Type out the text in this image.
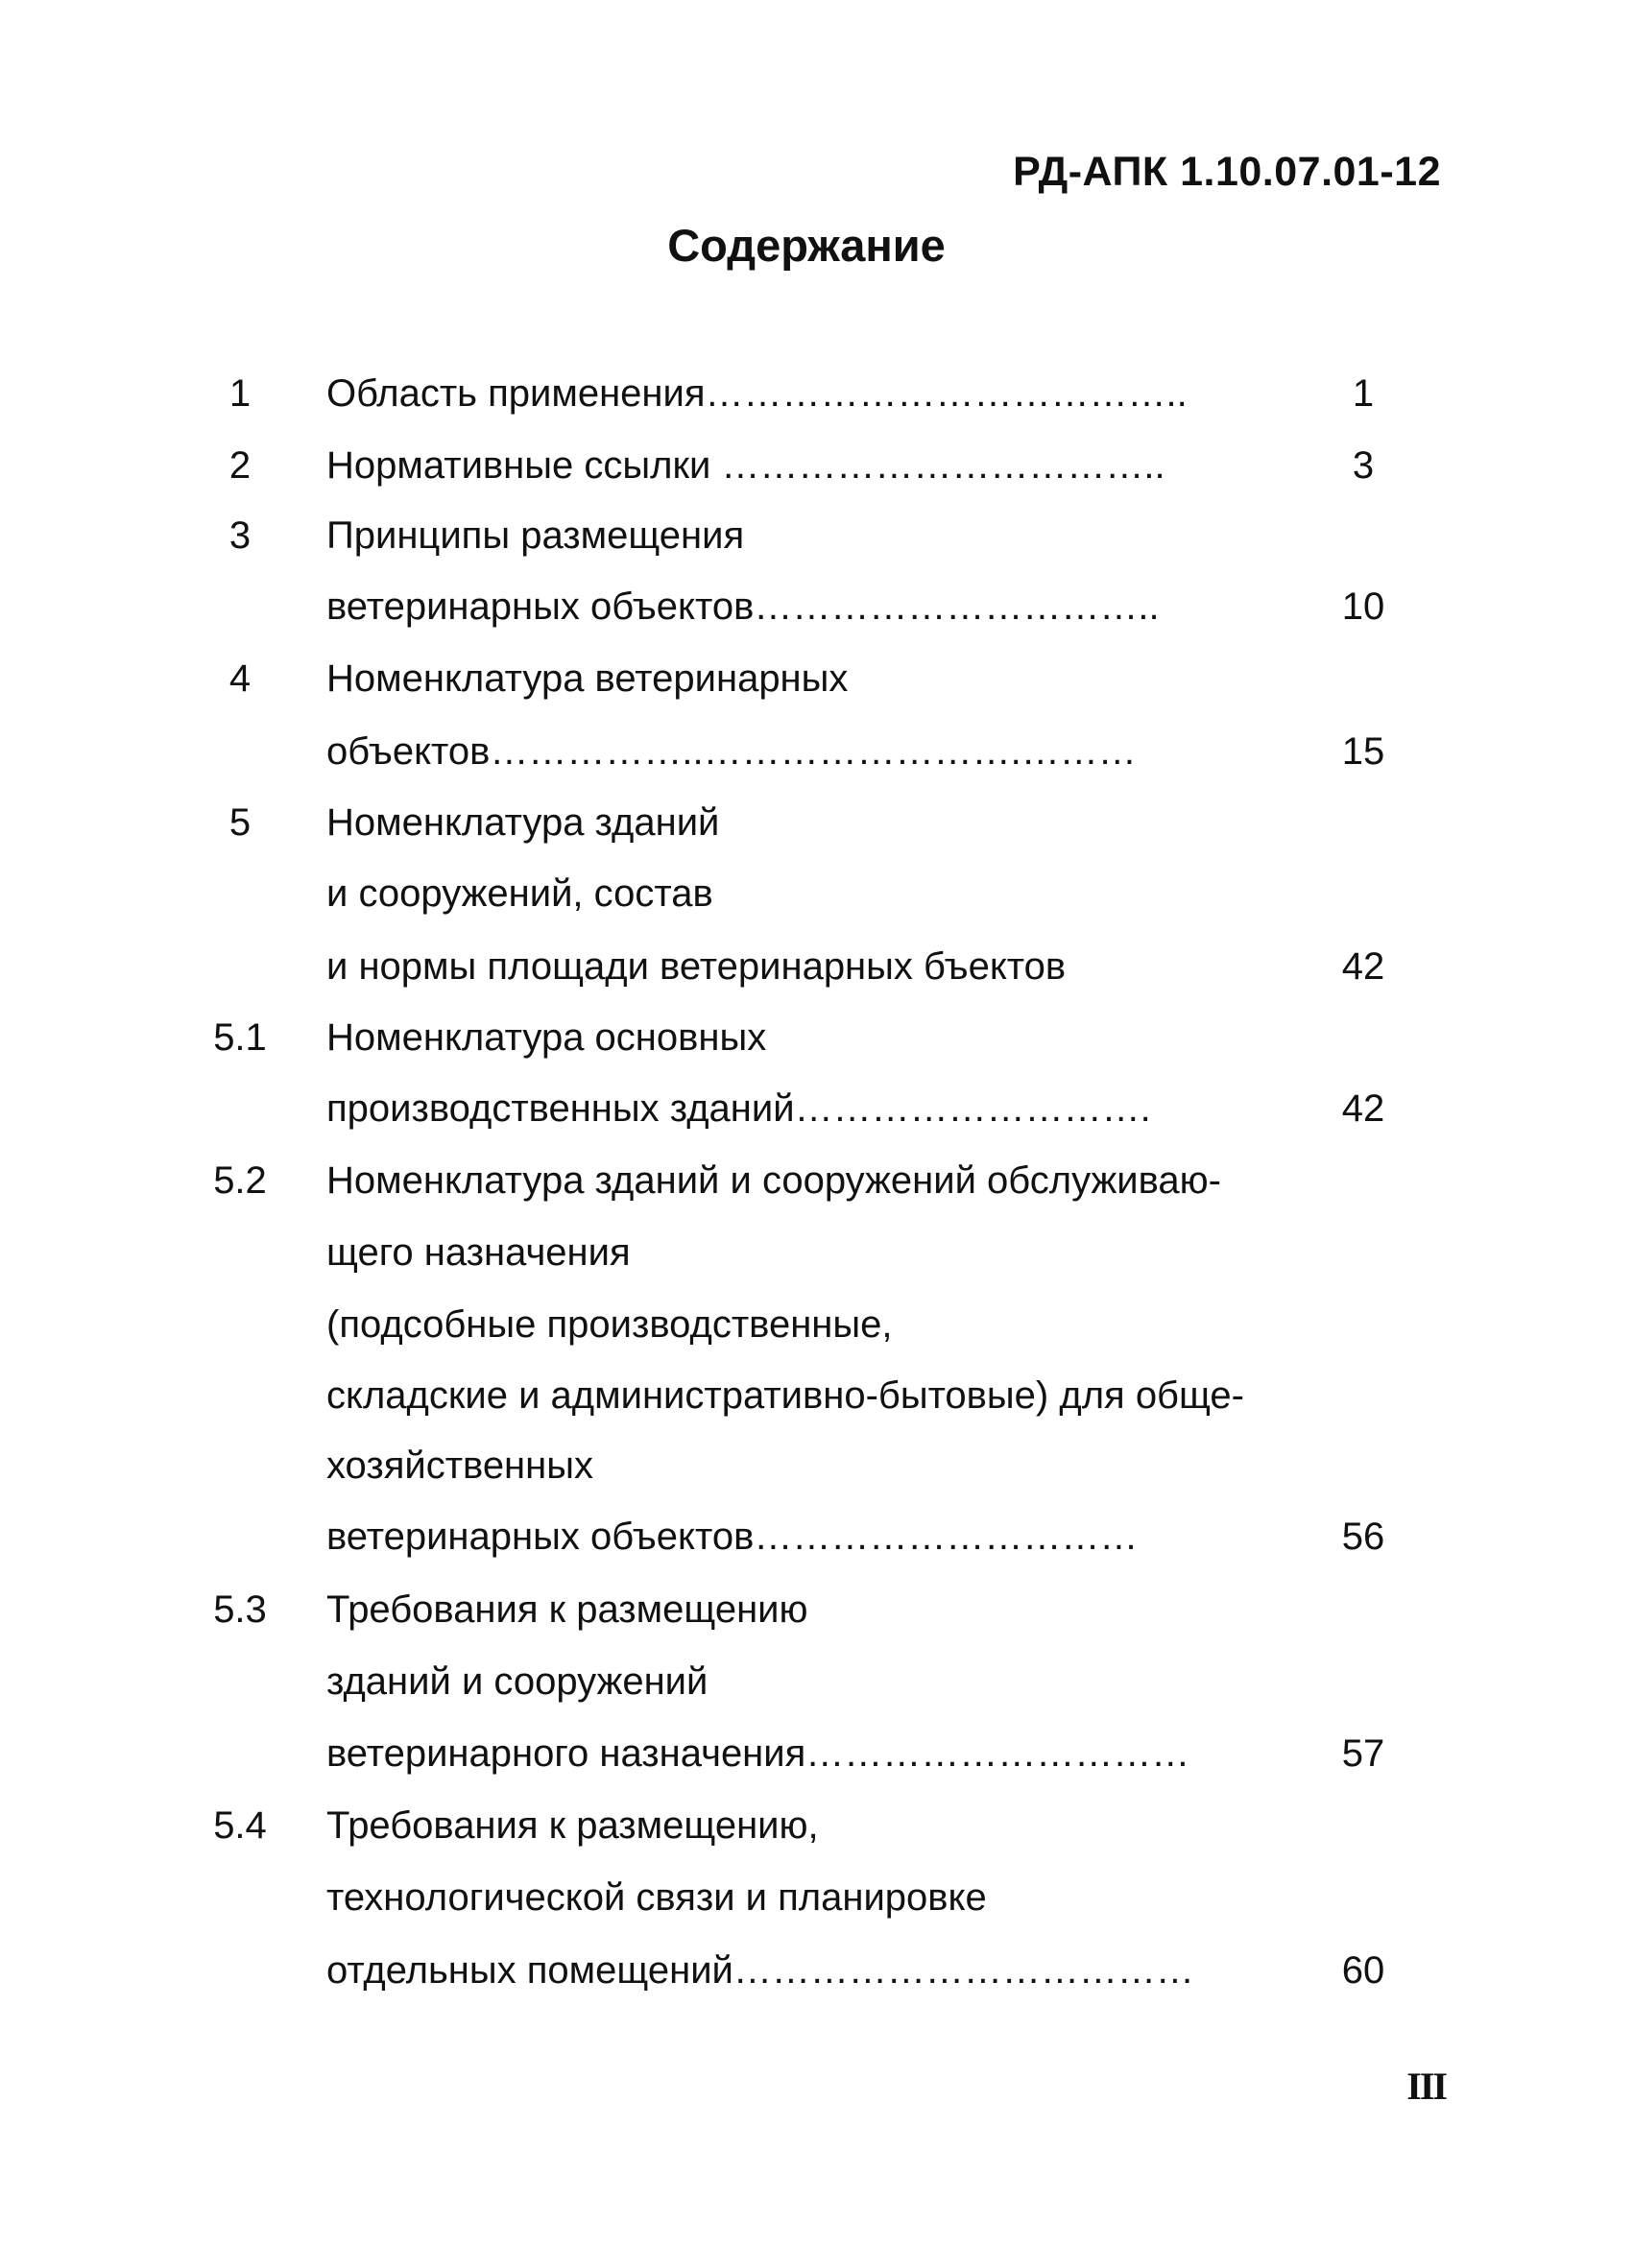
РД-АПК 1.10.07.01-12
Содержание
1	Область применения………………………………..	1
2	Нормативные ссылки ……………………………..	3
3	Принципы размещения
ветеринарных объектов…………………………..	10
4	Номенклатура ветеринарных
объектов……………..…………………….………	15
5	Номенклатура зданий
и сооружений, состав
и нормы площади ветеринарных бъектов	42
5.1	Номенклатура основных
производственных зданий……………………….	42
5.2	Номенклатура зданий и сооружений обслуживаю-
щего назначения
(подсобные производственные,
складские и административно-бытовые) для обще-
хозяйственных
ветеринарных объектов…………………………	56
5.3	Требования к размещению
зданий и сооружений
ветеринарного назначения…………………………	57
5.4	Требования к размещению,
технологической связи и планировке
отдельных помещений………………………………	60
III
